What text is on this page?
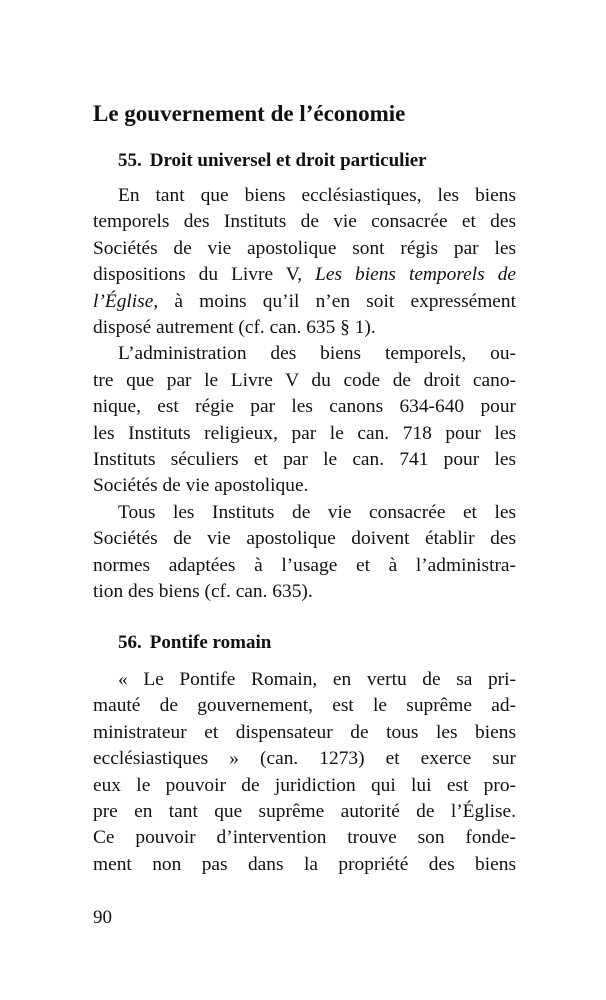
Le gouvernement de l’économie
55. Droit universel et droit particulier

En tant que biens ecclésiastiques, les biens
temporels des Instituts de vie consacrée et des
Sociétés de vie apostolique sont régis par les
dispositions du Livre V, Les biens temporels de
l’Église, à moins qu’il n’en soit expressément
disposé autrement (cf. can. 635 § 1).

L’administration des biens temporels, ou-
tre que par le Livre V du code de droit cano-
nique, est régie par les canons 634-640 pour
les Instituts religieux, par le can. 718 pour les
Instituts séculiers et par le can. 741 pour les
Sociétés de vie apostolique.

Tous les Instituts de vie consacrée et les
Sociétés de vie apostolique doivent établir des
normes adaptées à l’usage et à l’administra-
tion des biens (cf. can. 635).

56. Pontife romain

« Le Pontife Romain, en vertu de sa pri-
mauté de gouvernement, est le suprême ad-
ministrateur et dispensateur de tous les biens
ecclésiastiques » (can. 1273) et exerce sur
eux le pouvoir de juridiction qui lui est pro-
pre en tant que suprême autorité de l’Église.
Ce pouvoir d’intervention trouve son fonde-
ment non pas dans la propriété des biens

90
